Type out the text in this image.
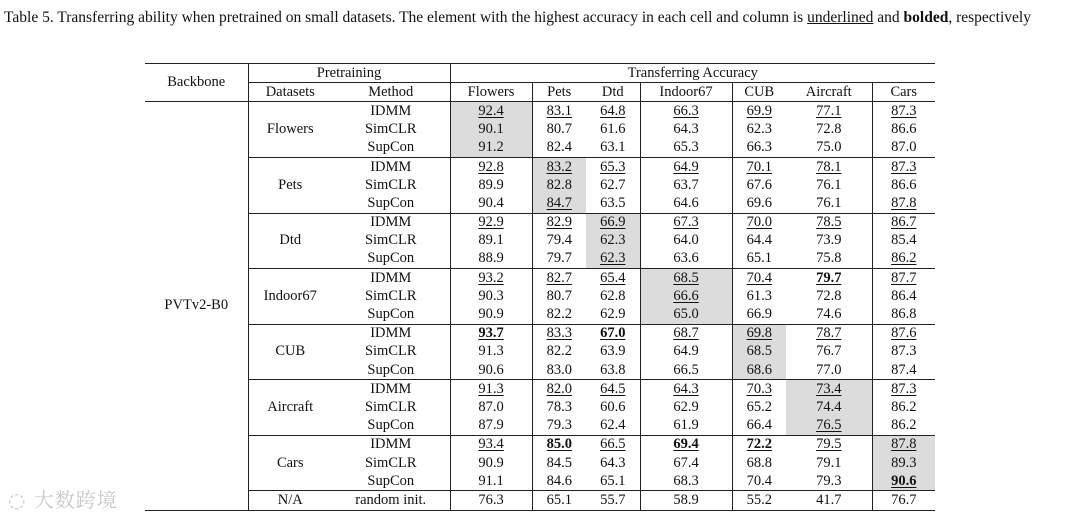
Table 5. Transferring ability when pretrained on small datasets. The element with the highest accuracy in each cell and column is underlined and bolded, respectively
Backbone	Pretraining		Transferring Accuracy						
	Datasets	Method	Flowers	Pets	Dtd	Indoor67	CUB	Aircraft	Cars
PVTv2-B0	Flowers	IDMM	92.4	83.1	64.8	66.3	69.9	77.1	87.3
		SimCLR	90.1	80.7	61.6	64.3	62.3	72.8	86.6
		SupCon	91.2	82.4	63.1	65.3	66.3	75.0	87.0
	Pets	IDMM	92.8	83.2	65.3	64.9	70.1	78.1	87.3
		SimCLR	89.9	82.8	62.7	63.7	67.6	76.1	86.6
		SupCon	90.4	84.7	63.5	64.6	69.6	76.1	87.8
	Dtd	IDMM	92.9	82.9	66.9	67.3	70.0	78.5	86.7
		SimCLR	89.1	79.4	62.3	64.0	64.4	73.9	85.4
		SupCon	88.9	79.7	62.3	63.6	65.1	75.8	86.2
	Indoor67	IDMM	93.2	82.7	65.4	68.5	70.4	79.7	87.7
		SimCLR	90.3	80.7	62.8	66.6	61.3	72.8	86.4
		SupCon	90.9	82.2	62.9	65.0	66.9	74.6	86.8
	CUB	IDMM	93.7	83.3	67.0	68.7	69.8	78.7	87.6
		SimCLR	91.3	82.2	63.9	64.9	68.5	76.7	87.3
		SupCon	90.6	83.0	63.8	66.5	68.6	77.0	87.4
	Aircraft	IDMM	91.3	82.0	64.5	64.3	70.3	73.4	87.3
		SimCLR	87.0	78.3	60.6	62.9	65.2	74.4	86.2
		SupCon	87.9	79.3	62.4	61.9	66.4	76.5	86.2
	Cars	IDMM	93.4	85.0	66.5	69.4	72.2	79.5	87.8
		SimCLR	90.9	84.5	64.3	67.4	68.8	79.1	89.3
		SupCon	91.1	84.6	65.1	68.3	70.4	79.3	90.6
	N/A	random init.	76.3	65.1	55.7	58.9	55.2	41.7	76.7
◌ 大数跨境
